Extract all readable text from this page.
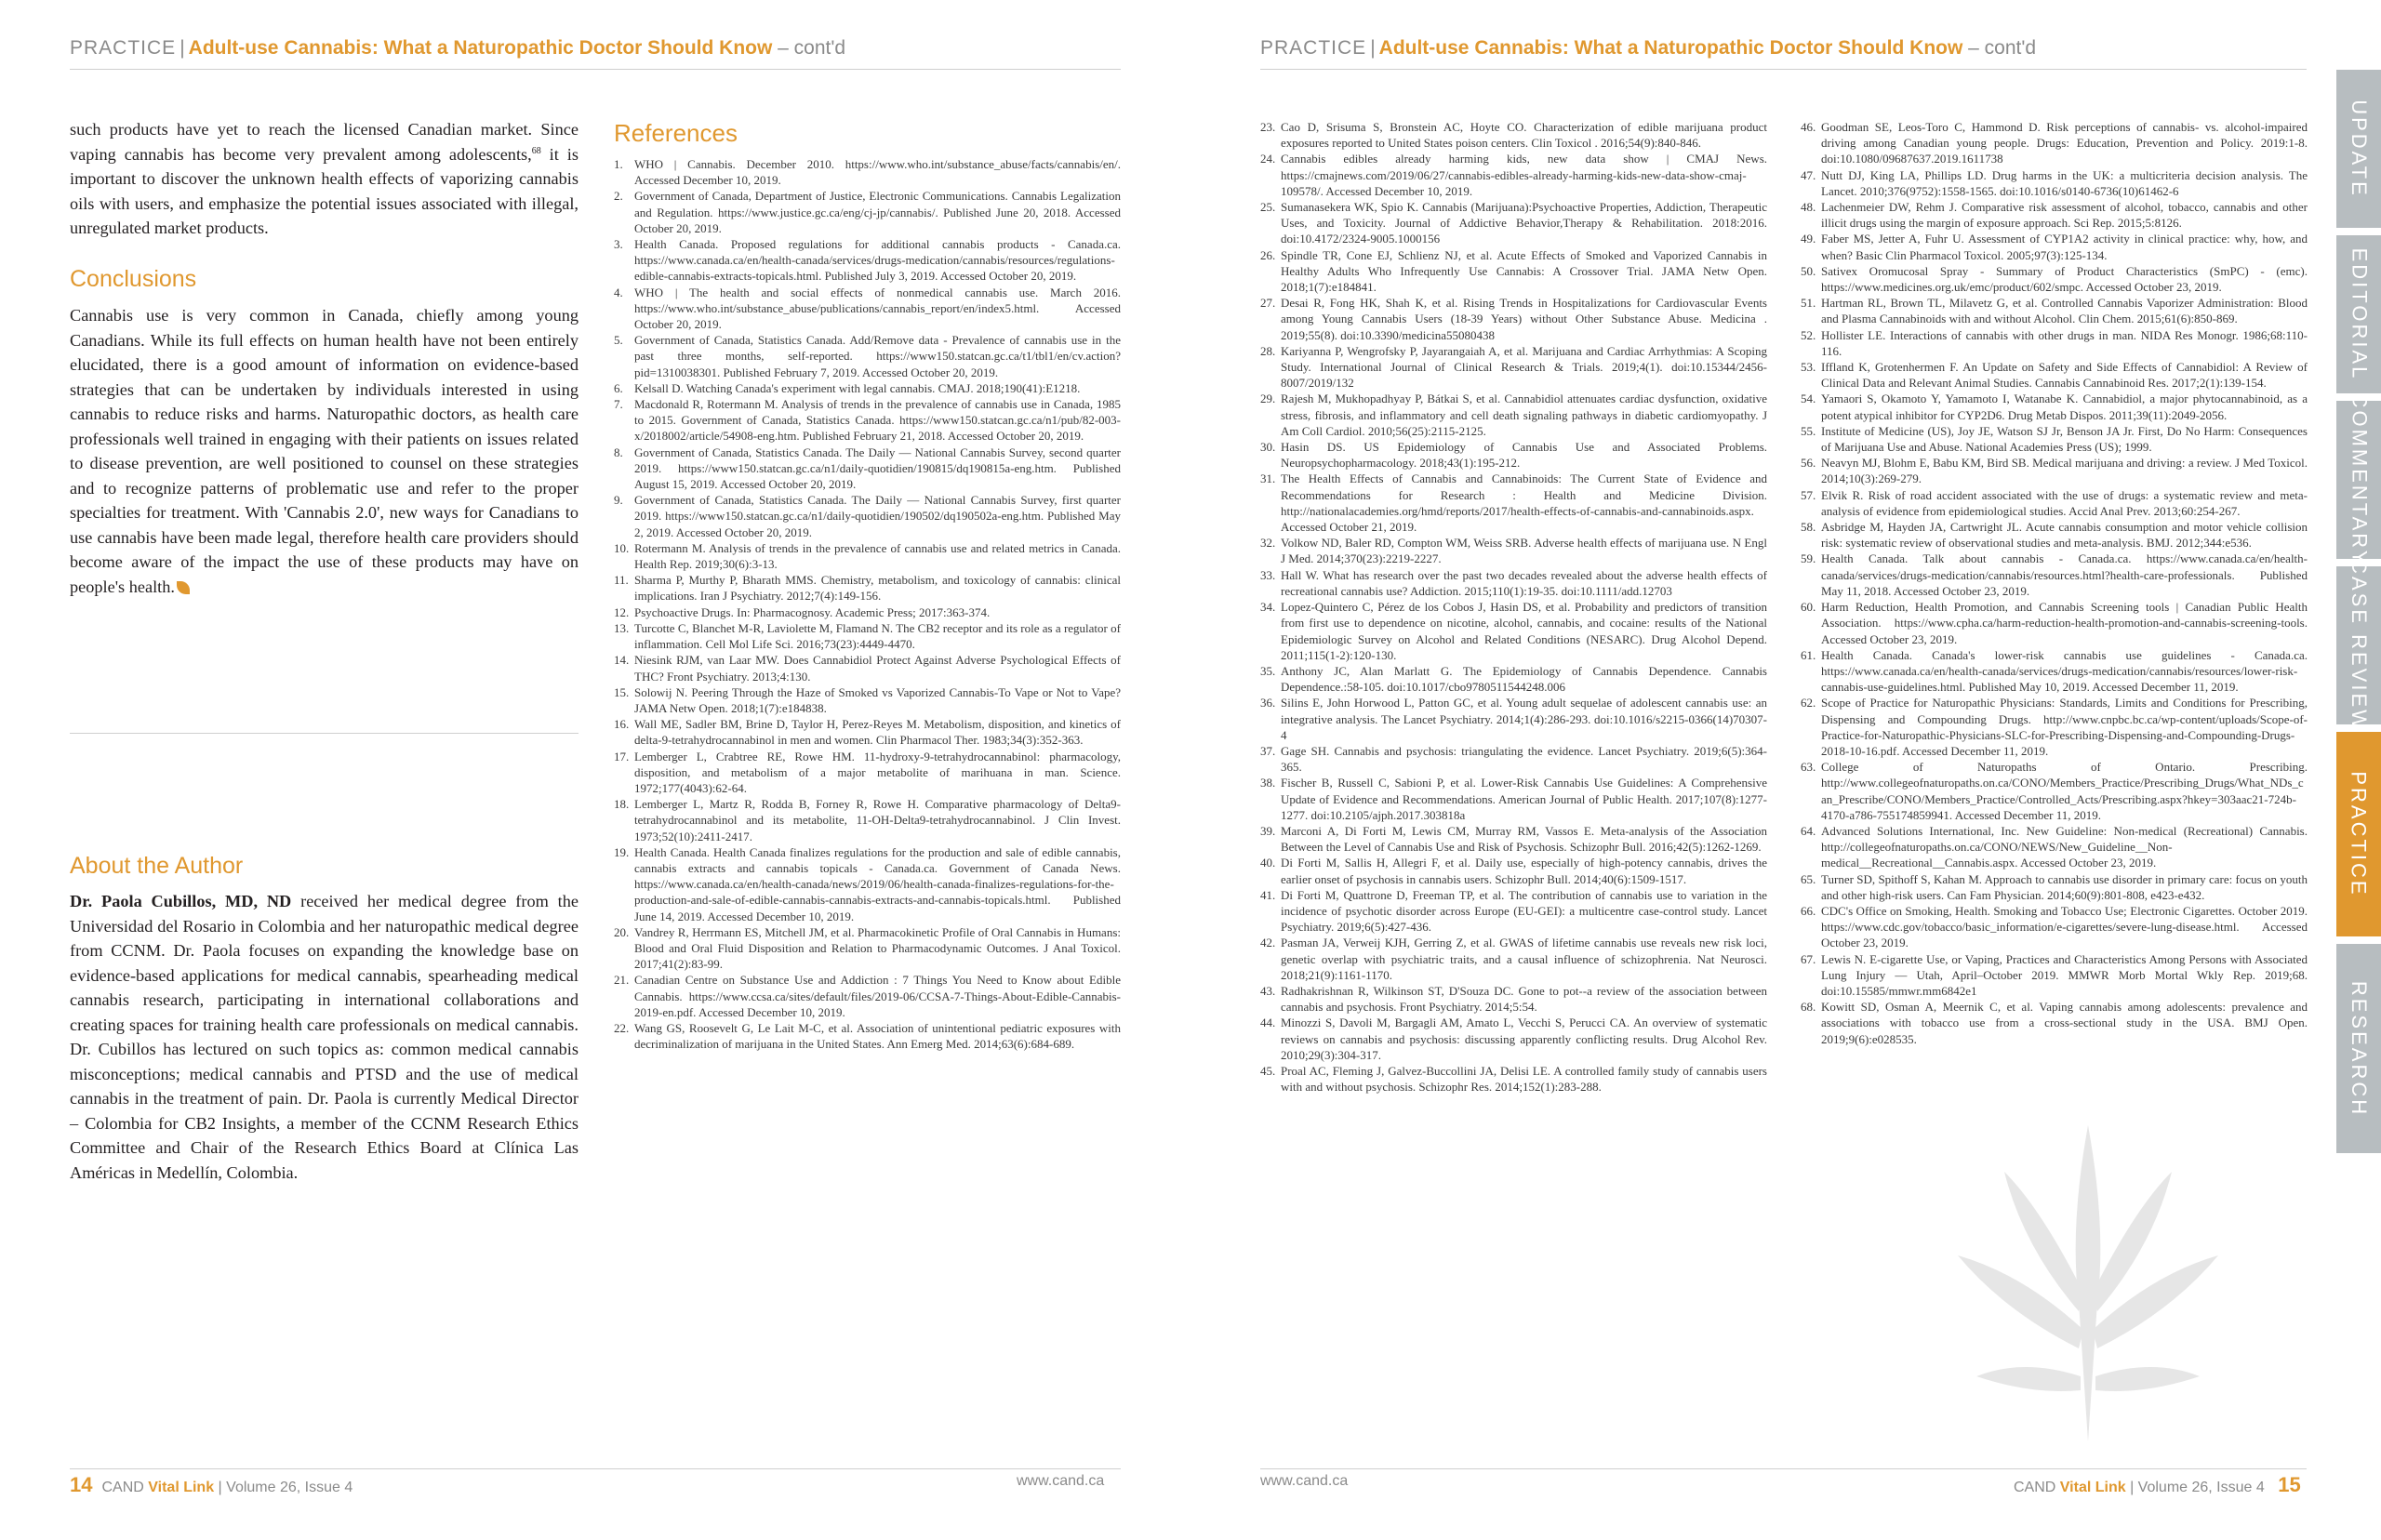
PRACTICE | Adult-use Cannabis: What a Naturopathic Doctor Should Know – cont'd
such products have yet to reach the licensed Canadian market. Since vaping cannabis has become very prevalent among adolescents,$^{68}$ it is important to discover the unknown health effects of vaporizing cannabis oils with users, and emphasize the potential issues associated with illegal, unregulated market products.
Conclusions
Cannabis use is very common in Canada, chiefly among young Canadians. While its full effects on human health have not been entirely elucidated, there is a good amount of information on evidence-based strategies that can be undertaken by individuals interested in using cannabis to reduce risks and harms. Naturopathic doctors, as health care professionals well trained in engaging with their patients on issues related to disease prevention, are well positioned to counsel on these strategies and to recognize patterns of problematic use and refer to the proper specialties for treatment. With 'Cannabis 2.0', new ways for Canadians to use cannabis have been made legal, therefore health care providers should become aware of the impact the use of these products may have on people's health.
About the Author
Dr. Paola Cubillos, MD, ND received her medical degree from the Universidad del Rosario in Colombia and her naturopathic medical degree from CCNM. Dr. Paola focuses on expanding the knowledge base on evidence-based applications for medical cannabis, spearheading medical cannabis research, participating in international collaborations and creating spaces for training health care professionals on medical cannabis. Dr. Cubillos has lectured on such topics as: common medical cannabis misconceptions; medical cannabis and PTSD and the use of medical cannabis in the treatment of pain. Dr. Paola is currently Medical Director – Colombia for CB2 Insights, a member of the CCNM Research Ethics Committee and Chair of the Research Ethics Board at Clínica Las Américas in Medellín, Colombia.
References
1. WHO | Cannabis. December 2010. https://www.who.int/substance_abuse/facts/cannabis/en/. Accessed December 10, 2019.
2. Government of Canada, Department of Justice, Electronic Communications. Cannabis Legalization and Regulation. https://www.justice.gc.ca/eng/cj-jp/cannabis/. Published June 20, 2018. Accessed October 20, 2019.
3. Health Canada. Proposed regulations for additional cannabis products - Canada.ca. https://www.canada.ca/en/health-canada/services/drugs-medication/cannabis/resources/regulations-edible-cannabis-extracts-topicals.html. Published July 3, 2019. Accessed October 20, 2019.
4. WHO | The health and social effects of nonmedical cannabis use. March 2016. https://www.who.int/substance_abuse/publications/cannabis_report/en/index5.html. Accessed October 20, 2019.
5. Government of Canada, Statistics Canada. Add/Remove data - Prevalence of cannabis use in the past three months, self-reported. https://www150.statcan.gc.ca/t1/tbl1/en/cv.action?pid=1310038301. Published February 7, 2019. Accessed October 20, 2019.
6. Kelsall D. Watching Canada's experiment with legal cannabis. CMAJ. 2018;190(41):E1218.
7. Macdonald R, Rotermann M. Analysis of trends in the prevalence of cannabis use in Canada, 1985 to 2015. Government of Canada, Statistics Canada. https://www150.statcan.gc.ca/n1/pub/82-003-x/2018002/article/54908-eng.htm. Published February 21, 2018. Accessed October 20, 2019.
8. Government of Canada, Statistics Canada. The Daily — National Cannabis Survey, second quarter 2019. https://www150.statcan.gc.ca/n1/daily-quotidien/190815/dq190815a-eng.htm. Published August 15, 2019. Accessed October 20, 2019.
9. Government of Canada, Statistics Canada. The Daily — National Cannabis Survey, first quarter 2019. https://www150.statcan.gc.ca/n1/daily-quotidien/190502/dq190502a-eng.htm. Published May 2, 2019. Accessed October 20, 2019.
10. Rotermann M. Analysis of trends in the prevalence of cannabis use and related metrics in Canada. Health Rep. 2019;30(6):3-13.
11. Sharma P, Murthy P, Bharath MMS. Chemistry, metabolism, and toxicology of cannabis: clinical implications. Iran J Psychiatry. 2012;7(4):149-156.
12. Psychoactive Drugs. In: Pharmacognosy. Academic Press; 2017:363-374.
13. Turcotte C, Blanchet M-R, Laviolette M, Flamand N. The CB2 receptor and its role as a regulator of inflammation. Cell Mol Life Sci. 2016;73(23):4449-4470.
14. Niesink RJM, van Laar MW. Does Cannabidiol Protect Against Adverse Psychological Effects of THC? Front Psychiatry. 2013;4:130.
15. Solowij N. Peering Through the Haze of Smoked vs Vaporized Cannabis-To Vape or Not to Vape? JAMA Netw Open. 2018;1(7):e184838.
16. Wall ME, Sadler BM, Brine D, Taylor H, Perez-Reyes M. Metabolism, disposition, and kinetics of delta-9-tetrahydrocannabinol in men and women. Clin Pharmacol Ther. 1983;34(3):352-363.
17. Lemberger L, Crabtree RE, Rowe HM. 11-hydroxy-9-tetrahydrocannabinol: pharmacology, disposition, and metabolism of a major metabolite of marihuana in man. Science. 1972;177(4043):62-64.
18. Lemberger L, Martz R, Rodda B, Forney R, Rowe H. Comparative pharmacology of Delta9-tetrahydrocannabinol and its metabolite, 11-OH-Delta9-tetrahydrocannabinol. J Clin Invest. 1973;52(10):2411-2417.
19. Health Canada. Health Canada finalizes regulations for the production and sale of edible cannabis, cannabis extracts and cannabis topicals - Canada.ca. Government of Canada News. https://www.canada.ca/en/health-canada/news/2019/06/health-canada-finalizes-regulations-for-the-production-and-sale-of-edible-cannabis-cannabis-extracts-and-cannabis-topicals.html. Published June 14, 2019. Accessed December 10, 2019.
20. Vandrey R, Herrmann ES, Mitchell JM, et al. Pharmacokinetic Profile of Oral Cannabis in Humans: Blood and Oral Fluid Disposition and Relation to Pharmacodynamic Outcomes. J Anal Toxicol. 2017;41(2):83-99.
21. Canadian Centre on Substance Use and Addiction : 7 Things You Need to Know about Edible Cannabis. https://www.ccsa.ca/sites/default/files/2019-06/CCSA-7-Things-About-Edible-Cannabis-2019-en.pdf. Accessed December 10, 2019.
22. Wang GS, Roosevelt G, Le Lait M-C, et al. Association of unintentional pediatric exposures with decriminalization of marijuana in the United States. Ann Emerg Med. 2014;63(6):684-689.
14 CAND Vital Link | Volume 26, Issue 4	www.cand.ca
PRACTICE | Adult-use Cannabis: What a Naturopathic Doctor Should Know – cont'd
23. Cao D, Srisuma S, Bronstein AC, Hoyte CO. Characterization of edible marijuana product exposures reported to United States poison centers. Clin Toxicol . 2016;54(9):840-846.
24. Cannabis edibles already harming kids, new data show | CMAJ News. https://cmajnews.com/2019/06/27/cannabis-edibles-already-harming-kids-new-data-show-cmaj-109578/. Accessed December 10, 2019.
25. Sumanasekera WK, Spio K. Cannabis (Marijuana):Psychoactive Properties, Addiction, Therapeutic Uses, and Toxicity. Journal of Addictive Behavior,Therapy & Rehabilitation. 2018:2016. doi:10.4172/2324-9005.1000156
26. Spindle TR, Cone EJ, Schlienz NJ, et al. Acute Effects of Smoked and Vaporized Cannabis in Healthy Adults Who Infrequently Use Cannabis: A Crossover Trial. JAMA Netw Open. 2018;1(7):e184841.
27. Desai R, Fong HK, Shah K, et al. Rising Trends in Hospitalizations for Cardiovascular Events among Young Cannabis Users (18-39 Years) without Other Substance Abuse. Medicina . 2019;55(8). doi:10.3390/medicina55080438
28. Kariyanna P, Wengrofsky P, Jayarangaiah A, et al. Marijuana and Cardiac Arrhythmias: A Scoping Study. International Journal of Clinical Research & Trials. 2019;4(1). doi:10.15344/2456-8007/2019/132
29. Rajesh M, Mukhopadhyay P, Bátkai S, et al. Cannabidiol attenuates cardiac dysfunction, oxidative stress, fibrosis, and inflammatory and cell death signaling pathways in diabetic cardiomyopathy. J Am Coll Cardiol. 2010;56(25):2115-2125.
30. Hasin DS. US Epidemiology of Cannabis Use and Associated Problems. Neuropsychopharmacology. 2018;43(1):195-212.
31. The Health Effects of Cannabis and Cannabinoids: The Current State of Evidence and Recommendations for Research : Health and Medicine Division. http://nationalacademies.org/hmd/reports/2017/health-effects-of-cannabis-and-cannabinoids.aspx. Accessed October 21, 2019.
32. Volkow ND, Baler RD, Compton WM, Weiss SRB. Adverse health effects of marijuana use. N Engl J Med. 2014;370(23):2219-2227.
33. Hall W. What has research over the past two decades revealed about the adverse health effects of recreational cannabis use? Addiction. 2015;110(1):19-35. doi:10.1111/add.12703
34. Lopez-Quintero C, Pérez de los Cobos J, Hasin DS, et al. Probability and predictors of transition from first use to dependence on nicotine, alcohol, cannabis, and cocaine: results of the National Epidemiologic Survey on Alcohol and Related Conditions (NESARC). Drug Alcohol Depend. 2011;115(1-2):120-130.
35. Anthony JC, Alan Marlatt G. The Epidemiology of Cannabis Dependence. Cannabis Dependence.:58-105. doi:10.1017/cbo9780511544248.006
36. Silins E, John Horwood L, Patton GC, et al. Young adult sequelae of adolescent cannabis use: an integrative analysis. The Lancet Psychiatry. 2014;1(4):286-293. doi:10.1016/s2215-0366(14)70307-4
37. Gage SH. Cannabis and psychosis: triangulating the evidence. Lancet Psychiatry. 2019;6(5):364-365.
38. Fischer B, Russell C, Sabioni P, et al. Lower-Risk Cannabis Use Guidelines: A Comprehensive Update of Evidence and Recommendations. American Journal of Public Health. 2017;107(8):1277-1277. doi:10.2105/ajph.2017.303818a
39. Marconi A, Di Forti M, Lewis CM, Murray RM, Vassos E. Meta-analysis of the Association Between the Level of Cannabis Use and Risk of Psychosis. Schizophr Bull. 2016;42(5):1262-1269.
40. Di Forti M, Sallis H, Allegri F, et al. Daily use, especially of high-potency cannabis, drives the earlier onset of psychosis in cannabis users. Schizophr Bull. 2014;40(6):1509-1517.
41. Di Forti M, Quattrone D, Freeman TP, et al. The contribution of cannabis use to variation in the incidence of psychotic disorder across Europe (EU-GEI): a multicentre case-control study. Lancet Psychiatry. 2019;6(5):427-436.
42. Pasman JA, Verweij KJH, Gerring Z, et al. GWAS of lifetime cannabis use reveals new risk loci, genetic overlap with psychiatric traits, and a causal influence of schizophrenia. Nat Neurosci. 2018;21(9):1161-1170.
43. Radhakrishnan R, Wilkinson ST, D'Souza DC. Gone to pot--a review of the association between cannabis and psychosis. Front Psychiatry. 2014;5:54.
44. Minozzi S, Davoli M, Bargagli AM, Amato L, Vecchi S, Perucci CA. An overview of systematic reviews on cannabis and psychosis: discussing apparently conflicting results. Drug Alcohol Rev. 2010;29(3):304-317.
45. Proal AC, Fleming J, Galvez-Buccollini JA, Delisi LE. A controlled family study of cannabis users with and without psychosis. Schizophr Res. 2014;152(1):283-288.
46. Goodman SE, Leos-Toro C, Hammond D. Risk perceptions of cannabis- vs. alcohol-impaired driving among Canadian young people. Drugs: Education, Prevention and Policy. 2019:1-8. doi:10.1080/09687637.2019.1611738
47. Nutt DJ, King LA, Phillips LD. Drug harms in the UK: a multicriteria decision analysis. The Lancet. 2010;376(9752):1558-1565. doi:10.1016/s0140-6736(10)61462-6
48. Lachenmeier DW, Rehm J. Comparative risk assessment of alcohol, tobacco, cannabis and other illicit drugs using the margin of exposure approach. Sci Rep. 2015;5:8126.
49. Faber MS, Jetter A, Fuhr U. Assessment of CYP1A2 activity in clinical practice: why, how, and when? Basic Clin Pharmacol Toxicol. 2005;97(3):125-134.
50. Sativex Oromucosal Spray - Summary of Product Characteristics (SmPC) - (emc). https://www.medicines.org.uk/emc/product/602/smpc. Accessed October 23, 2019.
51. Hartman RL, Brown TL, Milavetz G, et al. Controlled Cannabis Vaporizer Administration: Blood and Plasma Cannabinoids with and without Alcohol. Clin Chem. 2015;61(6):850-869.
52. Hollister LE. Interactions of cannabis with other drugs in man. NIDA Res Monogr. 1986;68:110-116.
53. Iffland K, Grotenhermen F. An Update on Safety and Side Effects of Cannabidiol: A Review of Clinical Data and Relevant Animal Studies. Cannabis Cannabinoid Res. 2017;2(1):139-154.
54. Yamaori S, Okamoto Y, Yamamoto I, Watanabe K. Cannabidiol, a major phytocannabinoid, as a potent atypical inhibitor for CYP2D6. Drug Metab Dispos. 2011;39(11):2049-2056.
55. Institute of Medicine (US), Joy JE, Watson SJ Jr, Benson JA Jr. First, Do No Harm: Consequences of Marijuana Use and Abuse. National Academies Press (US); 1999.
56. Neavyn MJ, Blohm E, Babu KM, Bird SB. Medical marijuana and driving: a review. J Med Toxicol. 2014;10(3):269-279.
57. Elvik R. Risk of road accident associated with the use of drugs: a systematic review and meta-analysis of evidence from epidemiological studies. Accid Anal Prev. 2013;60:254-267.
58. Asbridge M, Hayden JA, Cartwright JL. Acute cannabis consumption and motor vehicle collision risk: systematic review of observational studies and meta-analysis. BMJ. 2012;344:e536.
59. Health Canada. Talk about cannabis - Canada.ca. https://www.canada.ca/en/health-canada/services/drugs-medication/cannabis/resources.html?health-care-professionals. Published May 11, 2018. Accessed October 23, 2019.
60. Harm Reduction, Health Promotion, and Cannabis Screening tools | Canadian Public Health Association. https://www.cpha.ca/harm-reduction-health-promotion-and-cannabis-screening-tools. Accessed October 23, 2019.
61. Health Canada. Canada's lower-risk cannabis use guidelines - Canada.ca. https://www.canada.ca/en/health-canada/services/drugs-medication/cannabis/resources/lower-risk-cannabis-use-guidelines.html. Published May 10, 2019. Accessed December 11, 2019.
62. Scope of Practice for Naturopathic Physicians: Standards, Limits and Conditions for Prescribing, Dispensing and Compounding Drugs. http://www.cnpbc.bc.ca/wp-content/uploads/Scope-of-Practice-for-Naturopathic-Physicians-SLC-for-Prescribing-Dispensing-and-Compounding-Drugs-2018-10-16.pdf. Accessed December 11, 2019.
63. College of Naturopaths of Ontario. Prescribing. http://www.collegeofnaturopaths.on.ca/CONO/Members_Practice/Prescribing_Drugs/What_NDs_can_Prescribe/CONO/Members_Practice/Controlled_Acts/Prescribing.aspx?hkey=303aac21-724b-4170-a786-755174859941. Accessed December 11, 2019.
64. Advanced Solutions International, Inc. New Guideline: Non-medical (Recreational) Cannabis. http://collegeofnaturopaths.on.ca/CONO/NEWS/New_Guideline__Non-medical__Recreational__Cannabis.aspx. Accessed October 23, 2019.
65. Turner SD, Spithoff S, Kahan M. Approach to cannabis use disorder in primary care: focus on youth and other high-risk users. Can Fam Physician. 2014;60(9):801-808, e423-e432.
66. CDC's Office on Smoking, Health. Smoking and Tobacco Use; Electronic Cigarettes. October 2019. https://www.cdc.gov/tobacco/basic_information/e-cigarettes/severe-lung-disease.html. Accessed October 23, 2019.
67. Lewis N. E-cigarette Use, or Vaping, Practices and Characteristics Among Persons with Associated Lung Injury — Utah, April–October 2019. MMWR Morb Mortal Wkly Rep. 2019;68. doi:10.15585/mmwr.mm6842e1
68. Kowitt SD, Osman A, Meernik C, et al. Vaping cannabis among adolescents: prevalence and associations with tobacco use from a cross-sectional study in the USA. BMJ Open. 2019;9(6):e028535.
www.cand.ca	CAND Vital Link | Volume 26, Issue 4 15
UPDATE
EDITORIAL
COMMENTARY
CASE REVIEW
PRACTICE
RESEARCH
